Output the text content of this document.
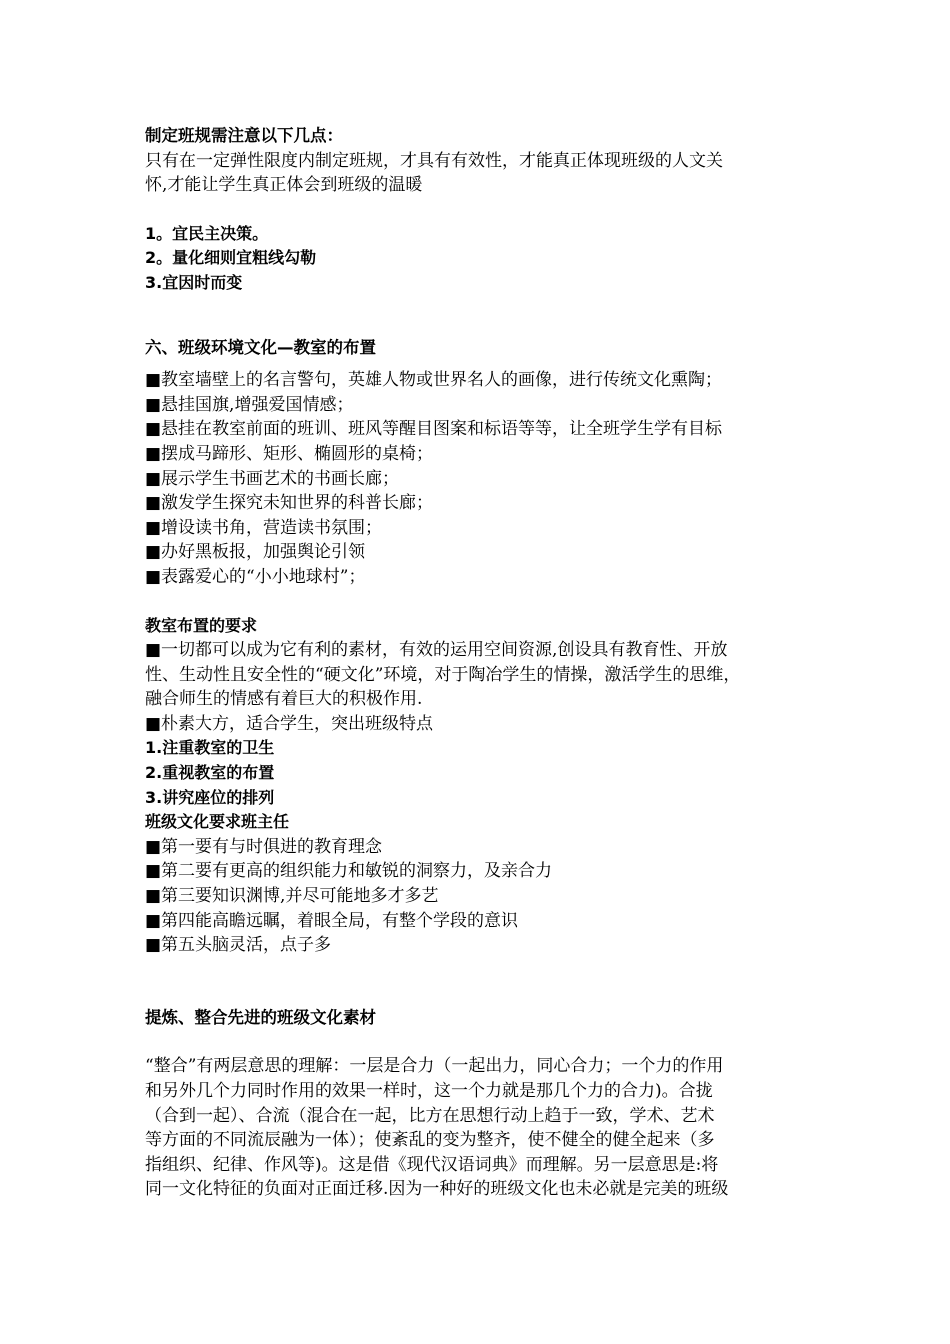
制定班规需注意以下几点：
只有在一定弹性限度内制定班规，才具有有效性，才能真正体现班级的人文关
怀,才能让学生真正体会到班级的温暖
1。宜民主决策。
2。量化细则宜粗线勾勒
3.宜因时而变
六、班级环境文化—教室的布置
■教室墙壁上的名言警句，英雄人物或世界名人的画像，进行传统文化熏陶；
■悬挂国旗,增强爱国情感；
■悬挂在教室前面的班训、班风等醒目图案和标语等等，让全班学生学有目标
■摆成马蹄形、矩形、椭圆形的桌椅；
■展示学生书画艺术的书画长廊；
■激发学生探究未知世界的科普长廊；
■增设读书角，营造读书氛围；
■办好黑板报，加强舆论引领
■表露爱心的“小小地球村”；
教室布置的要求
■一切都可以成为它有利的素材，有效的运用空间资源,创设具有教育性、开放
性、生动性且安全性的“硬文化”环境，对于陶冶学生的情操，激活学生的思维，
融合师生的情感有着巨大的积极作用.
■朴素大方，适合学生，突出班级特点
1.注重教室的卫生
2.重视教室的布置
3.讲究座位的排列
班级文化要求班主任
■第一要有与时俱进的教育理念
■第二要有更高的组织能力和敏锐的洞察力，及亲合力
■第三要知识渊博,并尽可能地多才多艺
■第四能高瞻远瞩，着眼全局，有整个学段的意识
■第五头脑灵活，点子多
提炼、整合先进的班级文化素材
“整合”有两层意思的理解：一层是合力（一起出力，同心合力；一个力的作用
和另外几个力同时作用的效果一样时，这一个力就是那几个力的合力)。合拢
（合到一起）、合流（混合在一起，比方在思想行动上趋于一致，学术、艺术
等方面的不同流辰融为一体）；使紊乱的变为整齐，使不健全的健全起来（多
指组织、纪律、作风等)。这是借《现代汉语词典》而理解。另一层意思是:将
同一文化特征的负面对正面迁移.因为一种好的班级文化也未必就是完美的班级
